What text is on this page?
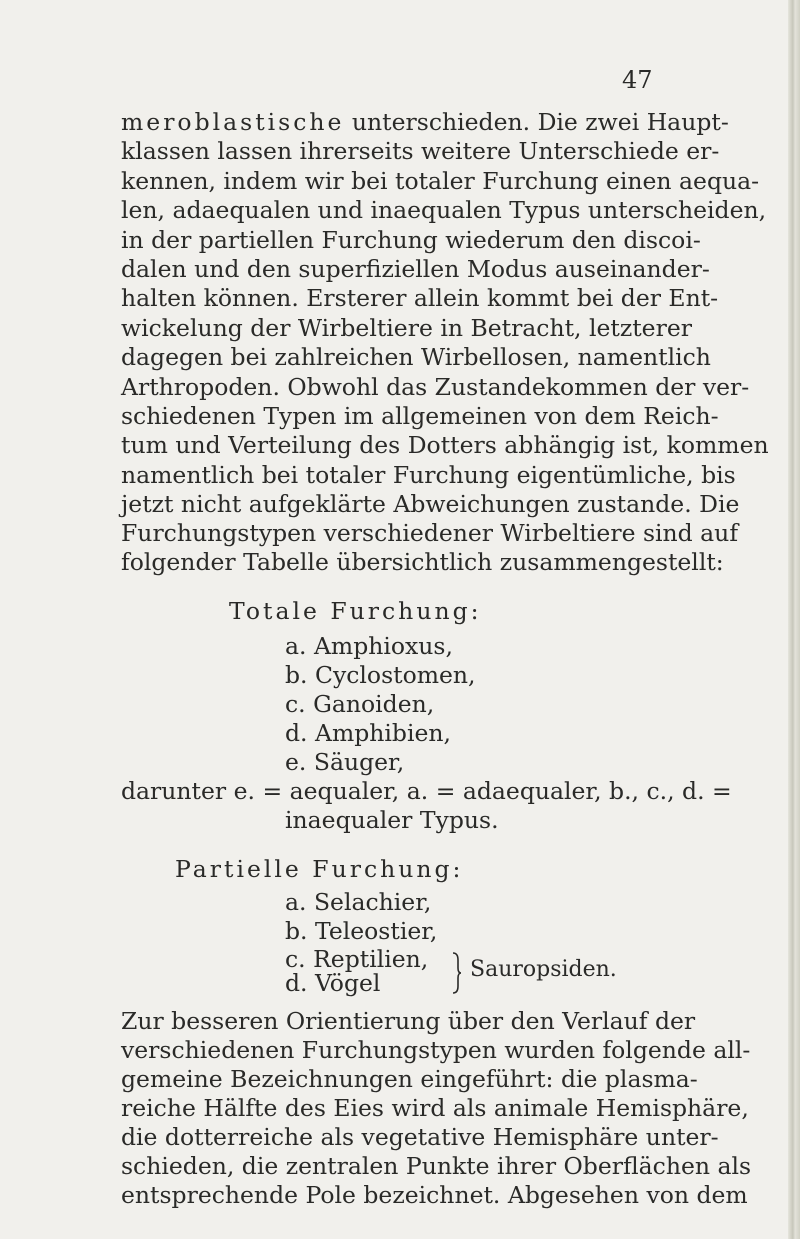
47
meroblastische unterschieden. Die zwei Haupt-
klassen lassen ihrerseits weitere Unterschiede er-
kennen, indem wir bei totaler Furchung einen aequa-
len, adaequalen und inaequalen Typus unterscheiden,
in der partiellen Furchung wiederum den discoi-
dalen und den superfiziellen Modus auseinander-
halten können. Ersterer allein kommt bei der Ent-
wickelung der Wirbeltiere in Betracht, letzterer
dagegen bei zahlreichen Wirbellosen, namentlich
Arthropoden. Obwohl das Zustandekommen der ver-
schiedenen Typen im allgemeinen von dem Reich-
tum und Verteilung des Dotters abhängig ist, kommen
namentlich bei totaler Furchung eigentümliche, bis
jetzt nicht aufgeklärte Abweichungen zustande. Die
Furchungstypen verschiedener Wirbeltiere sind auf
folgender Tabelle übersichtlich zusammengestellt:
Totale Furchung:
a. Amphioxus,
b. Cyclostomen,
c. Ganoiden,
d. Amphibien,
e. Säuger,
darunter e. = aequaler, a. = adaequaler, b., c., d. =
inaequaler Typus.
Partielle Furchung:
a. Selachier,
b. Teleostier,
c. Reptilien,
d. Vögel	Sauropsiden.
Zur besseren Orientierung über den Verlauf der
verschiedenen Furchungstypen wurden folgende all-
gemeine Bezeichnungen eingeführt: die plasma-
reiche Hälfte des Eies wird als animale Hemisphäre,
die dotterreiche als vegetative Hemisphäre unter-
schieden, die zentralen Punkte ihrer Oberflächen als
entsprechende Pole bezeichnet. Abgesehen von dem
